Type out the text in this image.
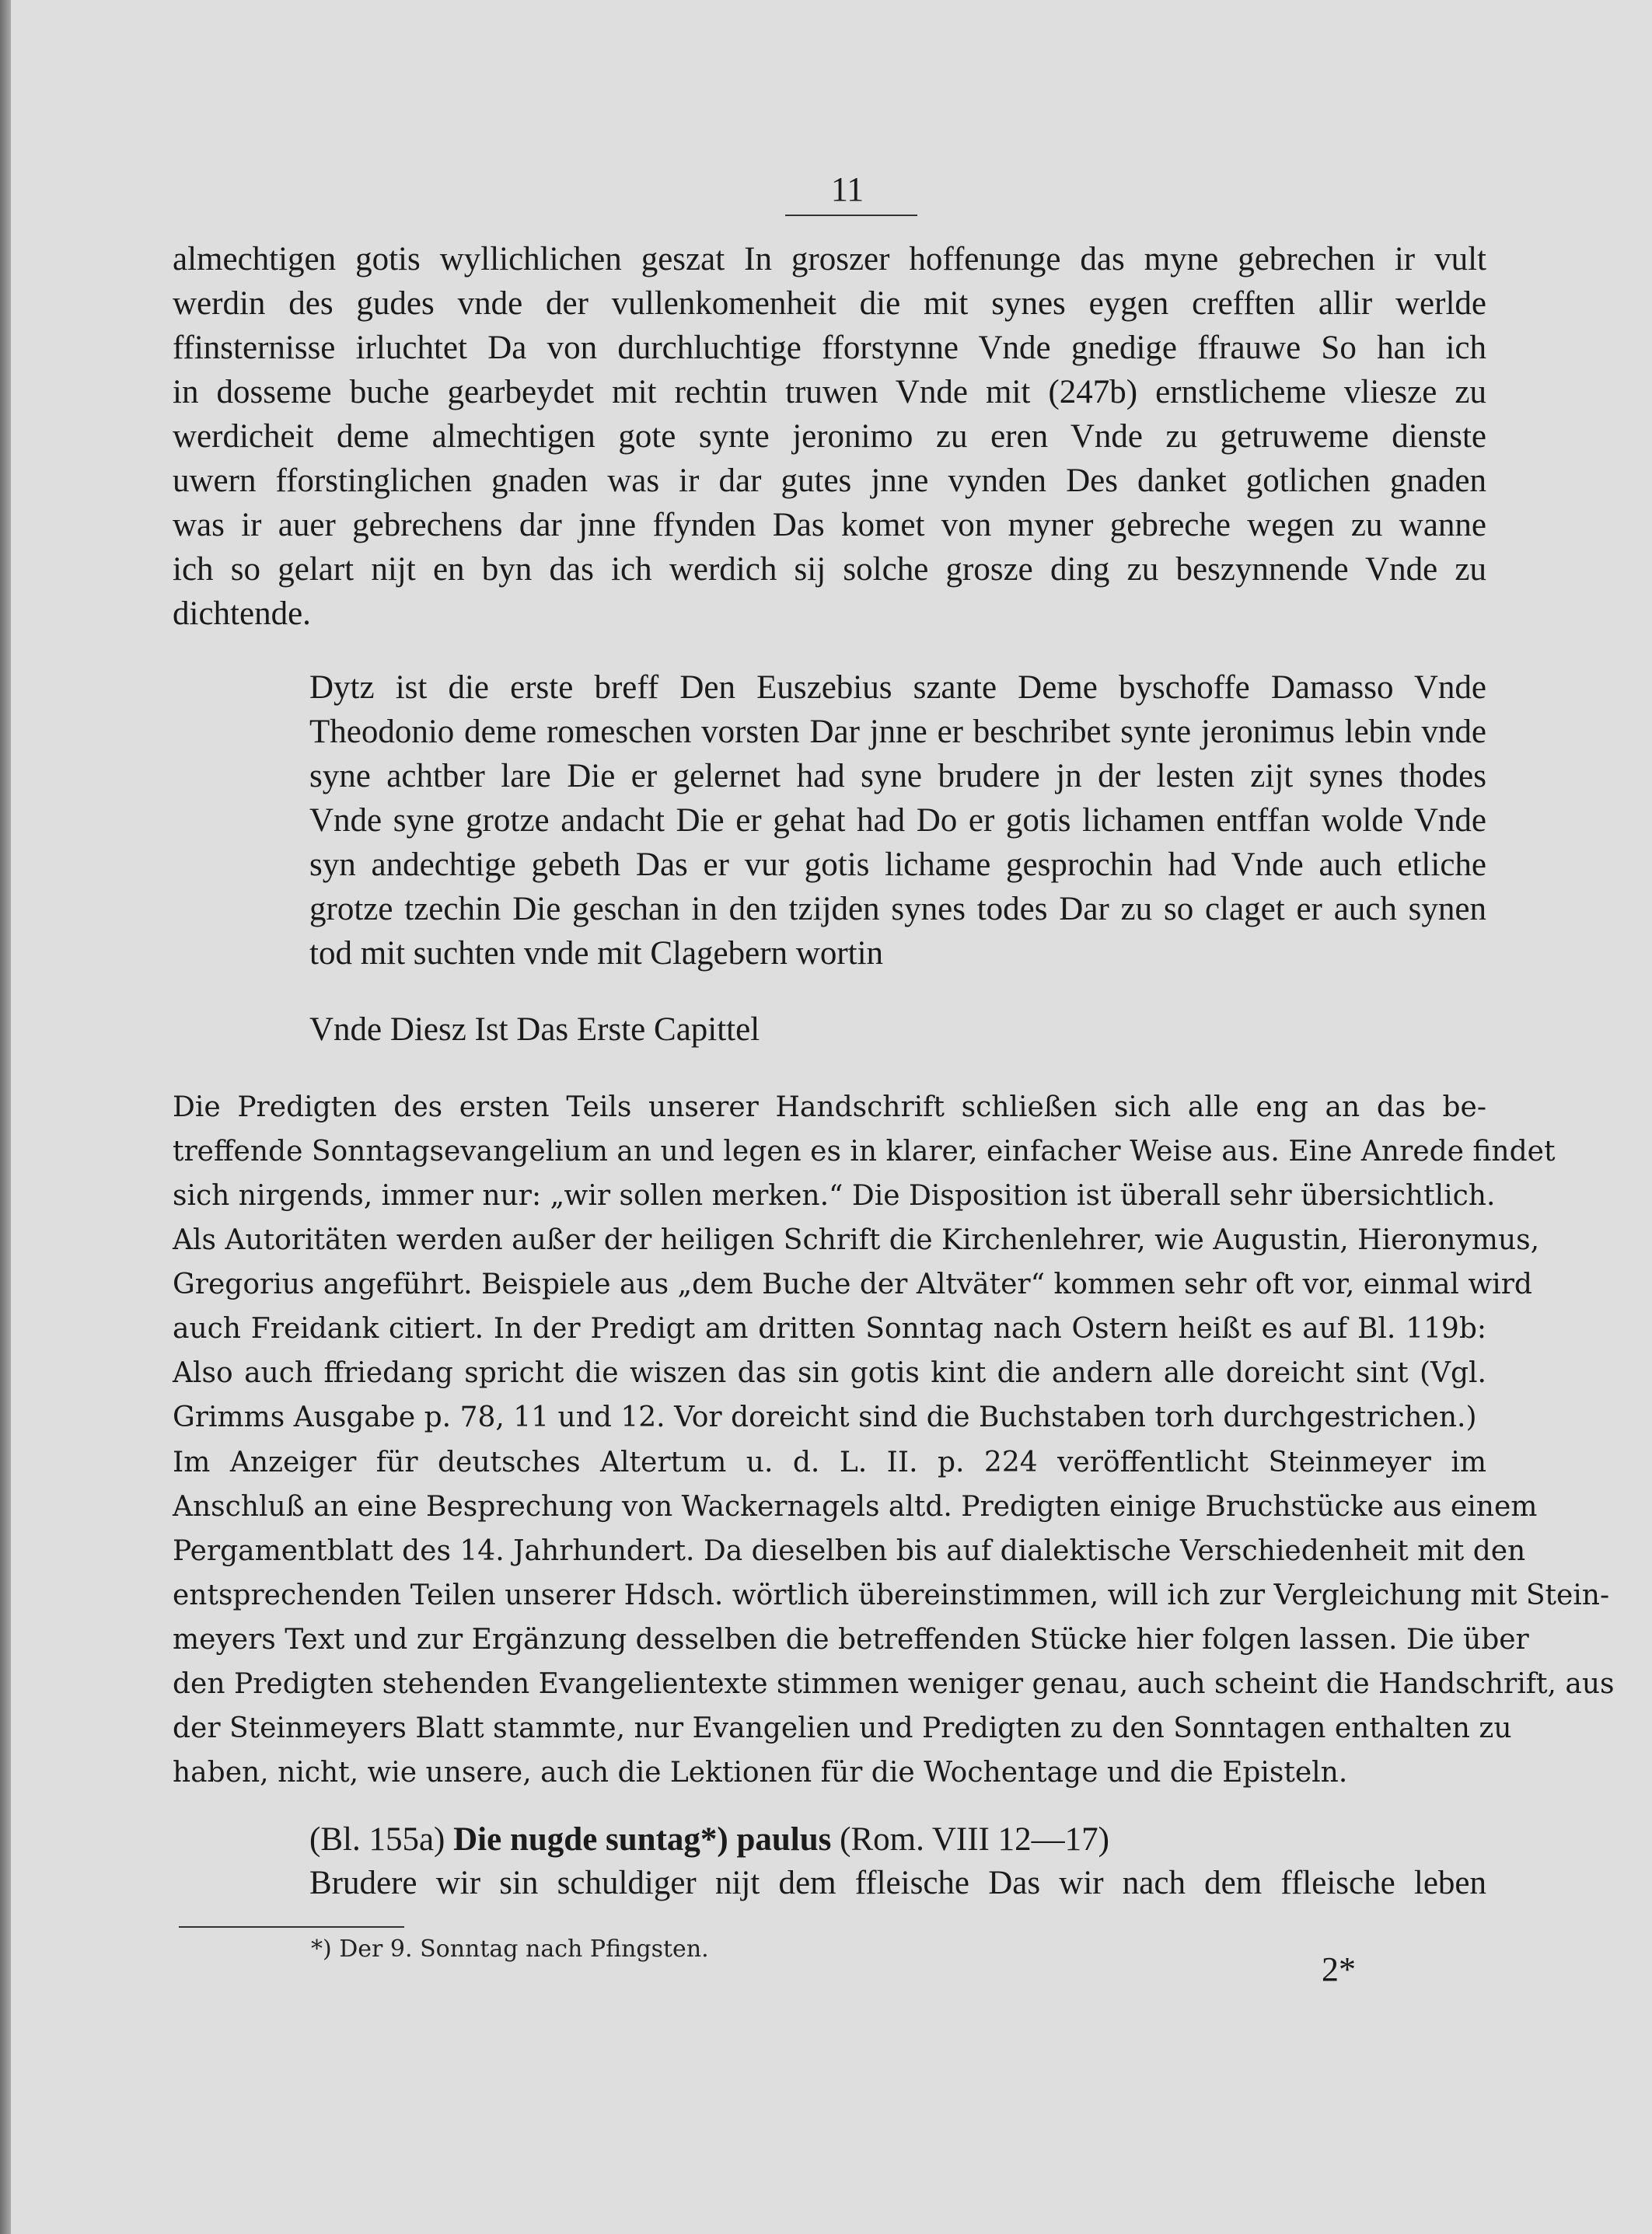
11
almechtigen gotis wyllichlichen geszat In groszer hoffenunge das myne gebrechen ir vult
werdin des gudes vnde der vullenkomenheit die mit synes eygen crefften allir werlde
ffinsternisse irluchtet Da von durchluchtige fforstynne Vnde gnedige ffrauwe So han ich
in dosseme buche gearbeydet mit rechtin truwen Vnde mit (247b) ernstlicheme vliesze zu
werdicheit deme almechtigen gote synte jeronimo zu eren Vnde zu getruweme dienste
uwern fforstinglichen gnaden was ir dar gutes jnne vynden Des danket gotlichen gnaden
was ir auer gebrechens dar jnne ffynden Das komet von myner gebreche wegen zu wanne
ich so gelart nijt en byn das ich werdich sij solche grosze ding zu beszynnende Vnde zu
dichtende.
Dytz ist die erste breff Den Euszebius szante Deme byschoffe Damasso Vnde
Theodonio deme romeschen vorsten Dar jnne er beschribet synte jeronimus lebin vnde
syne achtber lare Die er gelernet had syne brudere jn der lesten zijt synes thodes
Vnde syne grotze andacht Die er gehat had Do er gotis lichamen entffan wolde Vnde
syn andechtige gebeth Das er vur gotis lichame gesprochin had Vnde auch etliche
grotze tzechin Die geschan in den tzijden synes todes Dar zu so claget er auch synen
tod mit suchten vnde mit Clagebern wortin
Vnde Diesz Ist Das Erste Capittel
Die Predigten des ersten Teils unserer Handschrift schließen sich alle eng an das be-
treffende Sonntagsevangelium an und legen es in klarer, einfacher Weise aus. Eine Anrede findet
sich nirgends, immer nur: „wir sollen merken.“ Die Disposition ist überall sehr übersichtlich.
Als Autoritäten werden außer der heiligen Schrift die Kirchenlehrer, wie Augustin, Hieronymus,
Gregorius angeführt. Beispiele aus „dem Buche der Altväter“ kommen sehr oft vor, einmal wird
auch Freidank citiert. In der Predigt am dritten Sonntag nach Ostern heißt es auf Bl. 119b:
Also auch ffriedang spricht die wiszen das sin gotis kint die andern alle doreicht sint (Vgl.
Grimms Ausgabe p. 78, 11 und 12. Vor doreicht sind die Buchstaben torh durchgestrichen.)
Im Anzeiger für deutsches Altertum u. d. L. II. p. 224 veröffentlicht Steinmeyer im
Anschluß an eine Besprechung von Wackernagels altd. Predigten einige Bruchstücke aus einem
Pergamentblatt des 14. Jahrhundert. Da dieselben bis auf dialektische Verschiedenheit mit den
entsprechenden Teilen unserer Hdsch. wörtlich übereinstimmen, will ich zur Vergleichung mit Stein-
meyers Text und zur Ergänzung desselben die betreffenden Stücke hier folgen lassen. Die über
den Predigten stehenden Evangelientexte stimmen weniger genau, auch scheint die Handschrift, aus
der Steinmeyers Blatt stammte, nur Evangelien und Predigten zu den Sonntagen enthalten zu
haben, nicht, wie unsere, auch die Lektionen für die Wochentage und die Episteln.
(Bl. 155a) Die nugde suntag*) paulus (Rom. VIII 12—17)
Brudere wir sin schuldiger nijt dem ffleische Das wir nach dem ffleische leben
*) Der 9. Sonntag nach Pfingsten.
2*
